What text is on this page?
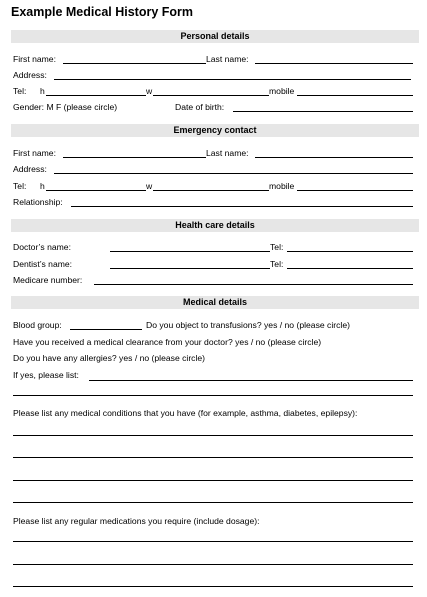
Example Medical History Form
Personal details
First name:	Last name:
Address:
Tel: h	w	mobile
Gender: M F (please circle)	Date of birth:
Emergency contact
First name:	Last name:
Address:
Tel: h	w	mobile
Relationship:
Health care details
Doctor’s name:	Tel:
Dentist’s name:	Tel:
Medicare number:
Medical details
Blood group:	Do you object to transfusions? yes / no (please circle)
Have you received a medical clearance from your doctor? yes / no (please circle)
Do you have any allergies? yes / no (please circle)
If yes, please list:
Please list any medical conditions that you have (for example, asthma, diabetes, epilepsy):
Please list any regular medications you require (include dosage):
